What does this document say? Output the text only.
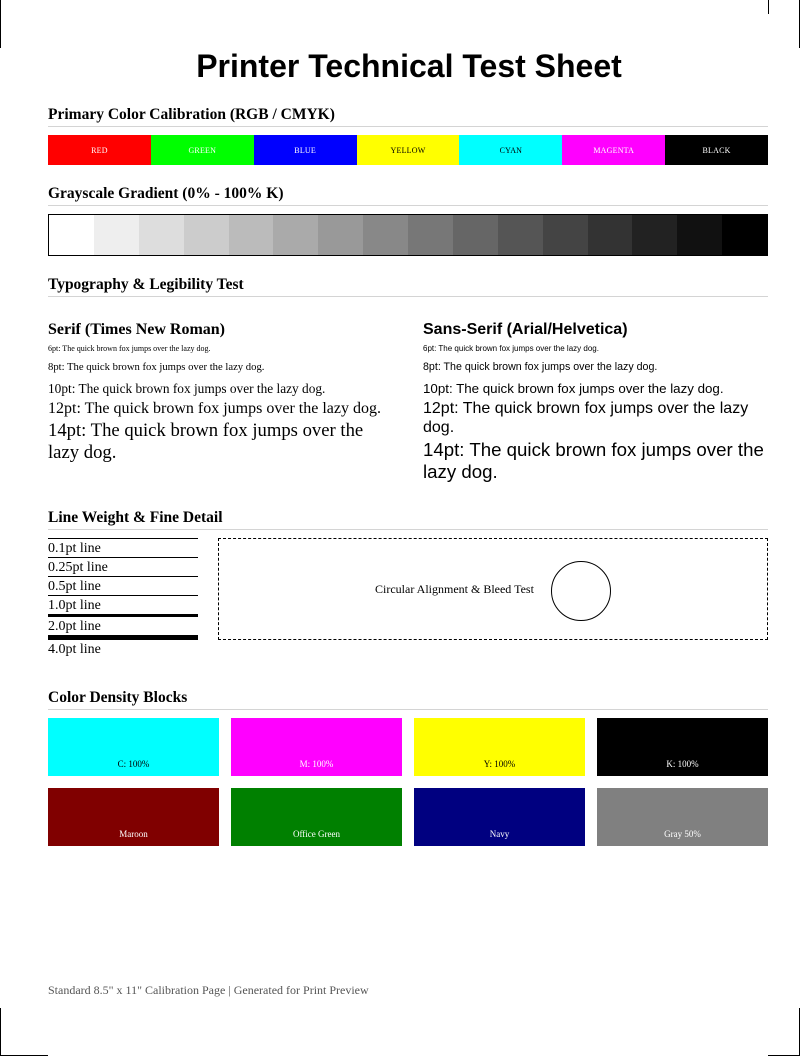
Printer Technical Test Sheet
Primary Color Calibration (RGB / CMYK)
RED	GREEN	BLUE	YELLOW	CYAN	MAGENTA	BLACK
Grayscale Gradient (0% - 100% K)
Typography & Legibility Test

Serif (Times New Roman)

6pt: The quick brown fox jumps over the lazy dog.

8pt: The quick brown fox jumps over the lazy dog.

10pt: The quick brown fox jumps over the lazy dog.

12pt: The quick brown fox jumps over the lazy dog.

14pt: The quick brown fox jumps over the lazy dog.

Sans-Serif (Arial/Helvetica)

6pt: The quick brown fox jumps over the lazy dog.

8pt: The quick brown fox jumps over the lazy dog.

10pt: The quick brown fox jumps over the lazy dog.

12pt: The quick brown fox jumps over the lazy dog.

14pt: The quick brown fox jumps over the lazy dog.

Line Weight & Fine Detail
0.1pt line
0.25pt line
0.5pt line
1.0pt line
2.0pt line
4.0pt line
Circular Alignment & Bleed Test
Color Density Blocks
C: 100%	M: 100%	Y: 100%	K: 100%
Maroon	Office Green	Navy	Gray 50%
Standard 8.5" x 11" Calibration Page | Generated for Print Preview
